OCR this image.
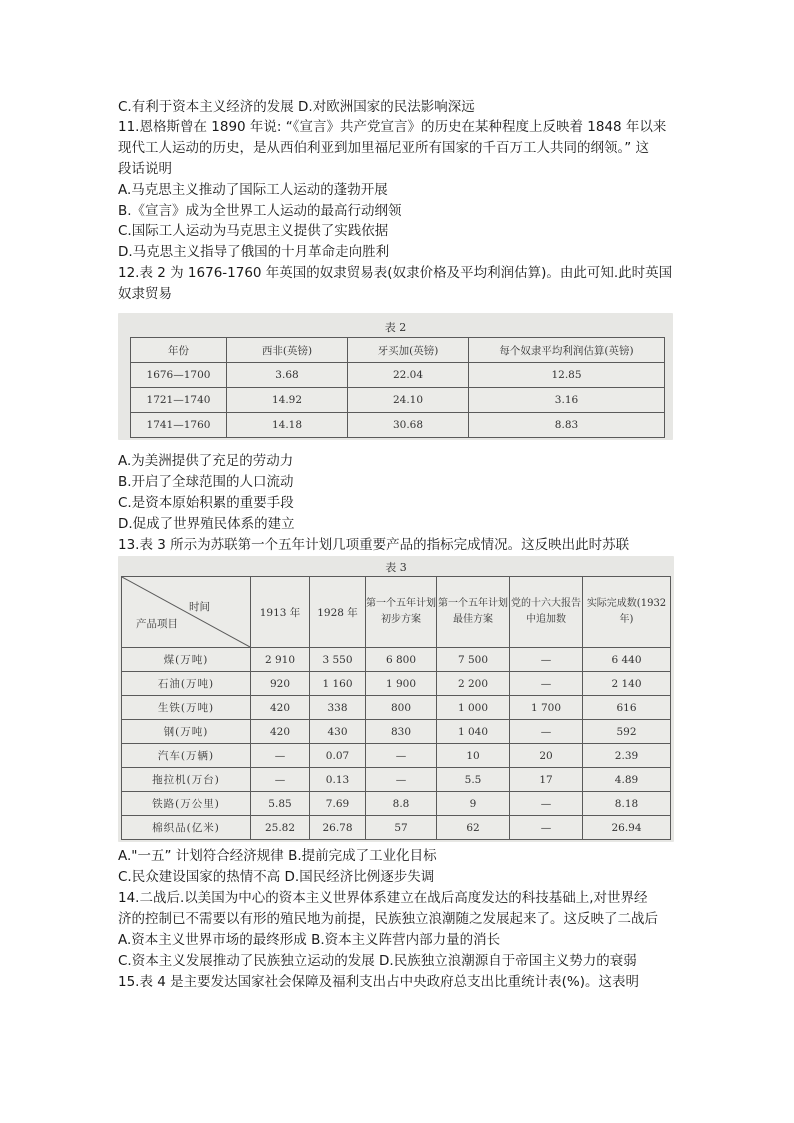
C.有利于资本主义经济的发展 D.对欧洲国家的民法影响深远
11.恩格斯曾在 1890 年说: “《宣言》共产党宣言》的历史在某种程度上反映着 1848 年以来
现代工人运动的历史，是从西伯利亚到加里福尼亚所有国家的千百万工人共同的纲领。” 这
段话说明
A.马克思主义推动了国际工人运动的蓬勃开展
B.《宣言》成为全世界工人运动的最高行动纲领
C.国际工人运动为马克思主义提供了实践依据
D.马克思主义指导了俄国的十月革命走向胜利
12.表 2 为 1676-1760 年英国的奴隶贸易表(奴隶价格及平均利润估算)。由此可知.此时英国
奴隶贸易
表 2
年份	西非(英镑)	牙买加(英镑)	每个奴隶平均利润估算(英镑)
1676—1700	3.68	22.04	12.85
1721—1740	14.92	24.10	3.16
1741—1760	14.18	30.68	8.83
A.为美洲提供了充足的劳动力
B.开启了全球范围的人口流动
C.是资本原始积累的重要手段
D.促成了世界殖民体系的建立
13.表 3 所示为苏联第一个五年计划几项重要产品的指标完成情况。这反映出此时苏联
表 3
时间
产品项目	1913 年	1928 年	第一个五年计划初步方案	第一个五年计划最佳方案	党的十六大报告中追加数	实际完成数(1932 年)
煤(万吨)	2 910	3 550	6 800	7 500	—	6 440
石油(万吨)	920	1 160	1 900	2 200	—	2 140
生铁(万吨)	420	338	800	1 000	1 700	616
钢(万吨)	420	430	830	1 040	—	592
汽车(万辆)	—	0.07	—	10	20	2.39
拖拉机(万台)	—	0.13	—	5.5	17	4.89
铁路(万公里)	5.85	7.69	8.8	9	—	8.18
棉织品(亿米)	25.82	26.78	57	62	—	26.94
A."一五” 计划符合经济规律 B.提前完成了工业化目标
C.民众建设国家的热情不高 D.国民经济比例逐步失调
14.二战后.以美国为中心的资本主义世界体系建立在战后高度发达的科技基础上,对世界经
济的控制已不需要以有形的殖民地为前提，民族独立浪潮随之发展起来了。这反映了二战后
A.资本主义世界市场的最终形成 B.资本主义阵营内部力量的消长
C.资本主义发展推动了民族独立运动的发展 D.民族独立浪潮源自于帝国主义势力的衰弱
15.表 4 是主要发达国家社会保障及福利支出占中央政府总支出比重统计表(%)。这表明
